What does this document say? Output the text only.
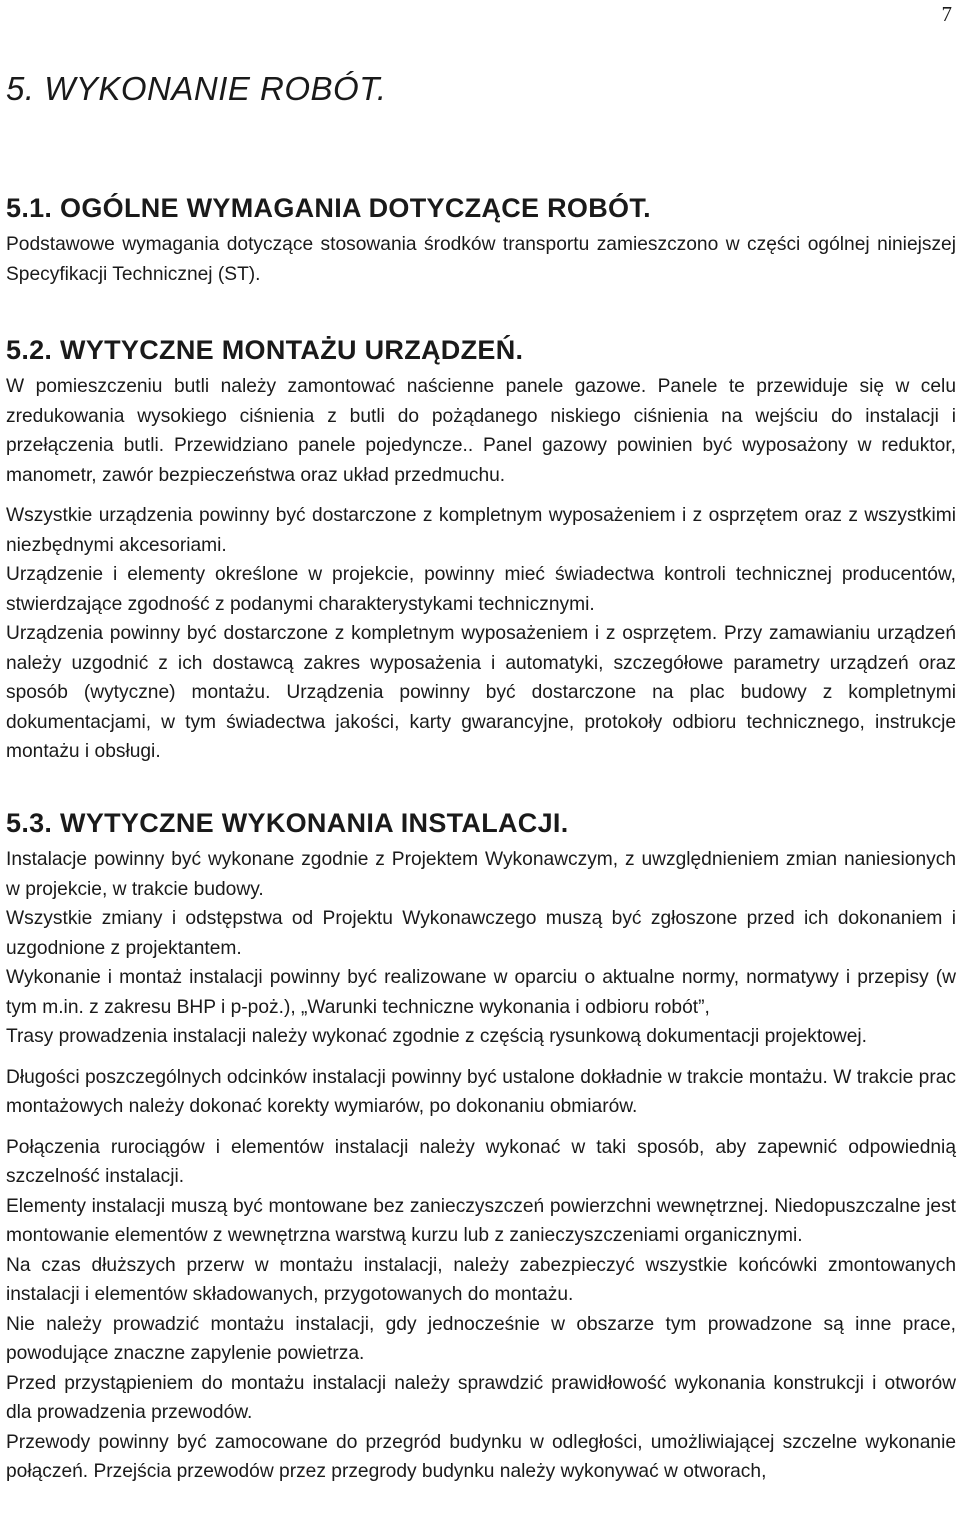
7
5. WYKONANIE ROBÓT.
5.1. OGÓLNE WYMAGANIA DOTYCZĄCE ROBÓT.

Podstawowe wymagania dotyczące stosowania środków transportu zamieszczono w części ogólnej niniejszej Specyfikacji Technicznej (ST).

5.2. WYTYCZNE MONTAŻU URZĄDZEŃ.

W pomieszczeniu butli należy zamontować naścienne panele gazowe. Panele te przewiduje się w celu zredukowania wysokiego ciśnienia z butli do pożądanego niskiego ciśnienia na wejściu do instalacji i przełączenia butli. Przewidziano panele pojedyncze.. Panel gazowy powinien być wyposażony w reduktor, manometr, zawór bezpieczeństwa oraz układ przedmuchu.

Wszystkie urządzenia powinny być dostarczone z kompletnym wyposażeniem i z osprzętem oraz z wszystkimi niezbędnymi akcesoriami.

Urządzenie i elementy określone w projekcie, powinny mieć świadectwa kontroli technicznej producentów, stwierdzające zgodność z podanymi charakterystykami technicznymi.

Urządzenia powinny być dostarczone z kompletnym wyposażeniem i z osprzętem. Przy zamawianiu urządzeń należy uzgodnić z ich dostawcą zakres wyposażenia i automatyki, szczegółowe parametry urządzeń oraz sposób (wytyczne) montażu. Urządzenia powinny być dostarczone na plac budowy z kompletnymi dokumentacjami, w tym świadectwa jakości, karty gwarancyjne, protokoły odbioru technicznego, instrukcje montażu i obsługi.

5.3. WYTYCZNE WYKONANIA INSTALACJI.

Instalacje powinny być wykonane zgodnie z Projektem Wykonawczym, z uwzględnieniem zmian naniesionych w projekcie, w trakcie budowy.

Wszystkie zmiany i odstępstwa od Projektu Wykonawczego muszą być zgłoszone przed ich dokonaniem i uzgodnione z projektantem.

Wykonanie i montaż instalacji powinny być realizowane w oparciu o aktualne normy, normatywy i przepisy (w tym m.in. z zakresu BHP i p-poż.), „Warunki techniczne wykonania i odbioru robót”,

Trasy prowadzenia instalacji należy wykonać zgodnie z częścią rysunkową dokumentacji projektowej.

Długości poszczególnych odcinków instalacji powinny być ustalone dokładnie w trakcie montażu. W trakcie prac montażowych należy dokonać korekty wymiarów, po dokonaniu obmiarów.

Połączenia rurociągów i elementów instalacji należy wykonać w taki sposób, aby zapewnić odpowiednią szczelność instalacji.

Elementy instalacji muszą być montowane bez zanieczyszczeń powierzchni wewnętrznej. Niedopuszczalne jest montowanie elementów z wewnętrzna warstwą kurzu lub z zanieczyszczeniami organicznymi.

Na czas dłuższych przerw w montażu instalacji, należy zabezpieczyć wszystkie końcówki zmontowanych instalacji i elementów składowanych, przygotowanych do montażu.

Nie należy prowadzić montażu instalacji, gdy jednocześnie w obszarze tym prowadzone są inne prace, powodujące znaczne zapylenie powietrza.

Przed przystąpieniem do montażu instalacji należy sprawdzić prawidłowość wykonania konstrukcji i otworów dla prowadzenia przewodów.

Przewody powinny być zamocowane do przegród budynku w odległości, umożliwiającej szczelne wykonanie połączeń. Przejścia przewodów przez przegrody budynku należy wykonywać w otworach,
